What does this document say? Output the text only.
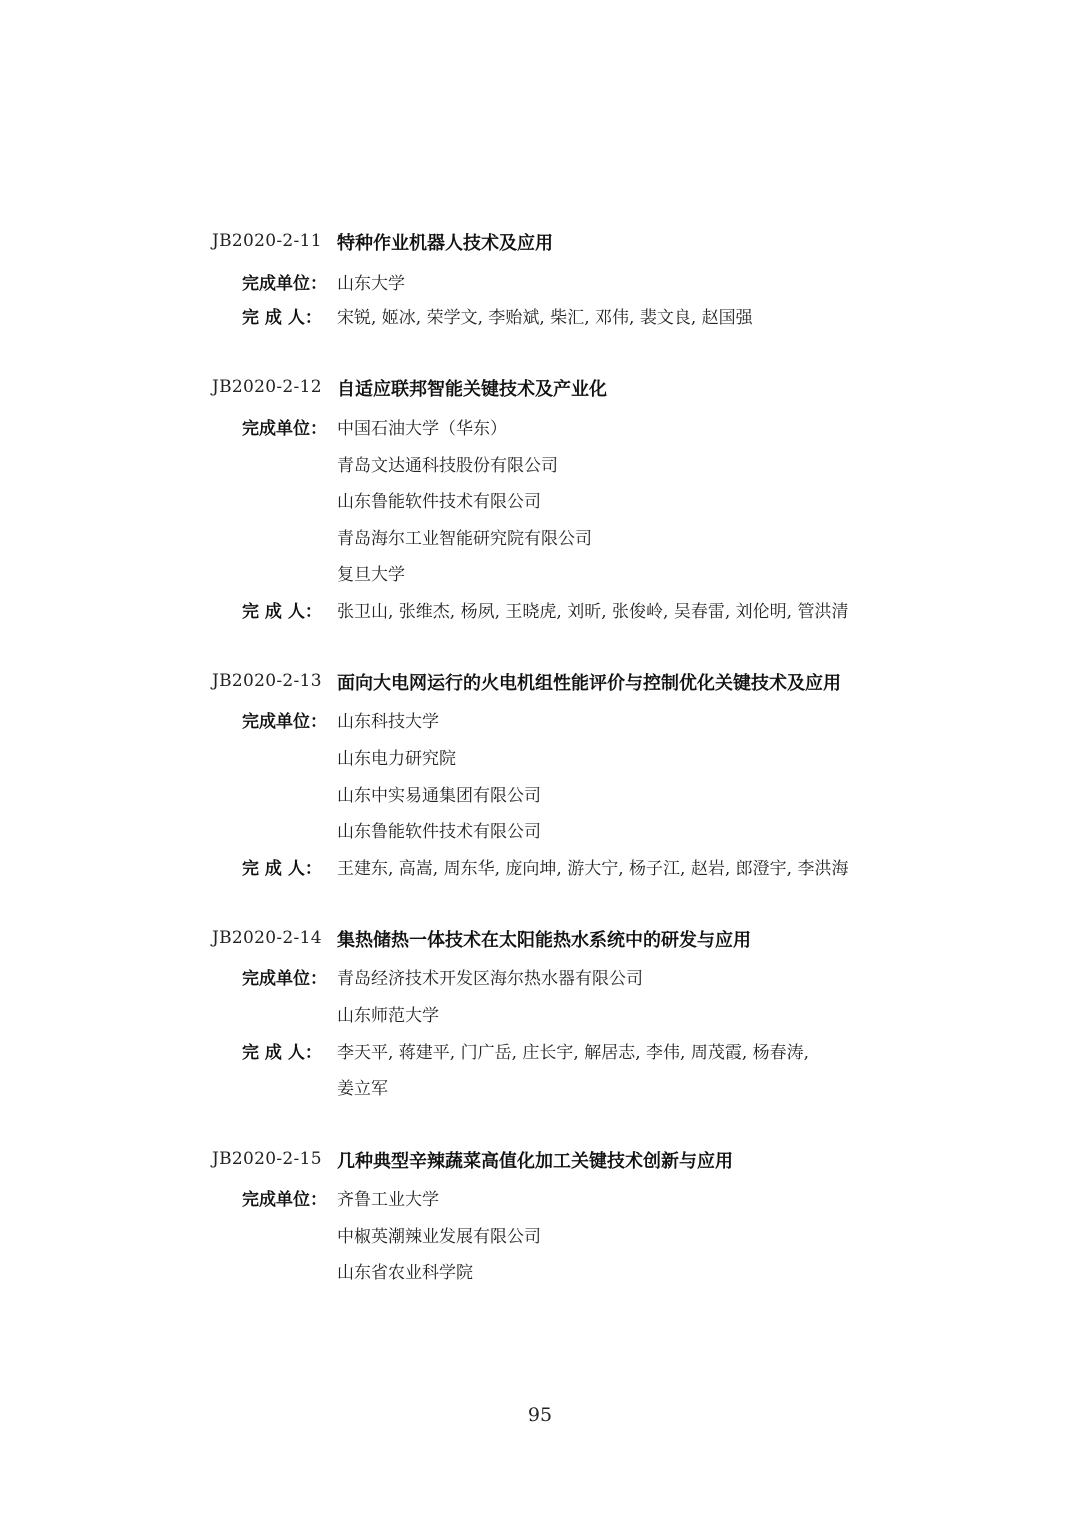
JB2020-2-11 特种作业机器人技术及应用
完成单位： 山东大学
完 成 人： 宋锐, 姬冰, 荣学文, 李贻斌, 柴汇, 邓伟, 裴文良, 赵国强
JB2020-2-12 自适应联邦智能关键技术及产业化
完成单位： 中国石油大学（华东）
青岛文达通科技股份有限公司
山东鲁能软件技术有限公司
青岛海尔工业智能研究院有限公司
复旦大学
完 成 人： 张卫山, 张维杰, 杨夙, 王晓虎, 刘昕, 张俊岭, 吴春雷, 刘伦明, 管洪清
JB2020-2-13 面向大电网运行的火电机组性能评价与控制优化关键技术及应用
完成单位： 山东科技大学
山东电力研究院
山东中实易通集团有限公司
山东鲁能软件技术有限公司
完 成 人： 王建东, 高嵩, 周东华, 庞向坤, 游大宁, 杨子江, 赵岩, 郎澄宇, 李洪海
JB2020-2-14 集热储热一体技术在太阳能热水系统中的研发与应用
完成单位： 青岛经济技术开发区海尔热水器有限公司
山东师范大学
完 成 人： 李天平, 蒋建平, 门广岳, 庄长宇, 解居志, 李伟, 周茂霞, 杨春涛,
姜立军
JB2020-2-15 几种典型辛辣蔬菜高值化加工关键技术创新与应用
完成单位： 齐鲁工业大学
中椒英潮辣业发展有限公司
山东省农业科学院
95
